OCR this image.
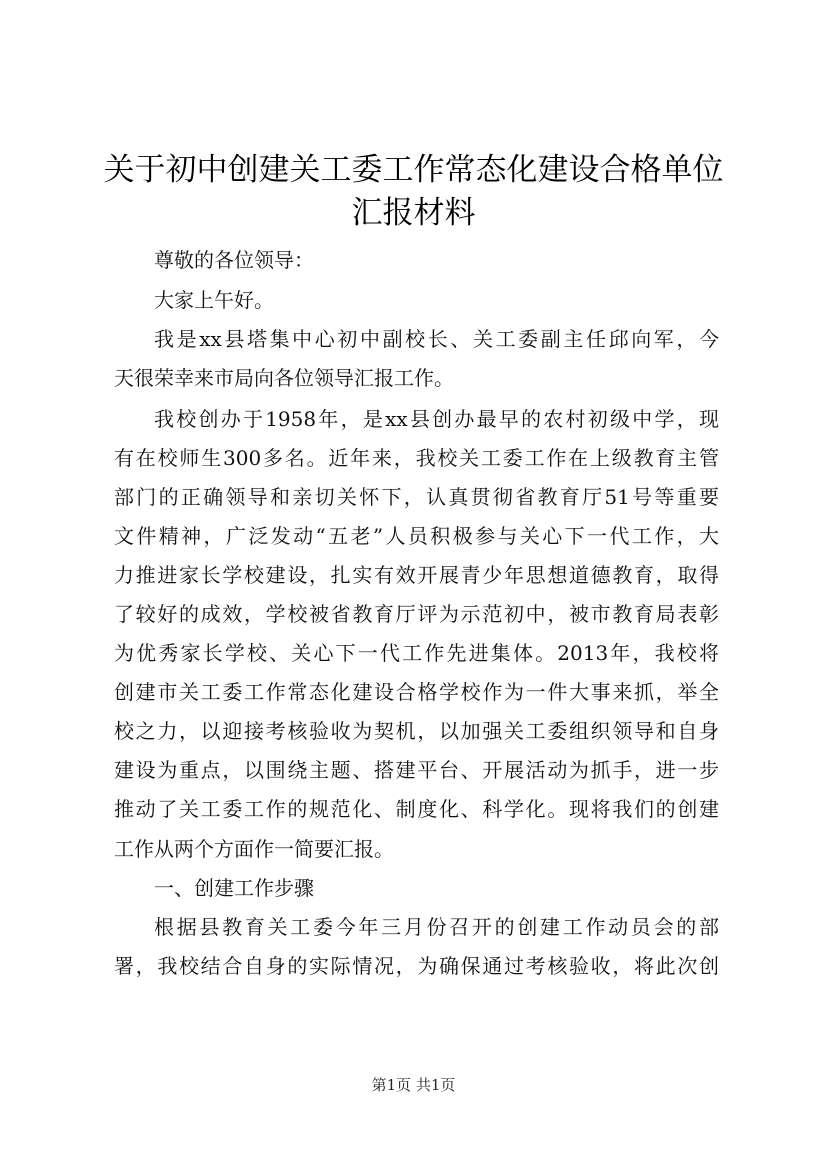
关于初中创建关工委工作常态化建设合格单位
汇报材料
尊敬的各位领导：
大家上午好。
我是xx县塔集中心初中副校长、关工委副主任邱向军，今
天很荣幸来市局向各位领导汇报工作。
我校创办于1958年，是xx县创办最早的农村初级中学，现
有在校师生300多名。近年来，我校关工委工作在上级教育主管
部门的正确领导和亲切关怀下，认真贯彻省教育厅51号等重要
文件精神，广泛发动“五老”人员积极参与关心下一代工作，大
力推进家长学校建设，扎实有效开展青少年思想道德教育，取得
了较好的成效，学校被省教育厅评为示范初中，被市教育局表彰
为优秀家长学校、关心下一代工作先进集体。2013年，我校将
创建市关工委工作常态化建设合格学校作为一件大事来抓，举全
校之力，以迎接考核验收为契机，以加强关工委组织领导和自身
建设为重点，以围绕主题、搭建平台、开展活动为抓手，进一步
推动了关工委工作的规范化、制度化、科学化。现将我们的创建
工作从两个方面作一简要汇报。
一、创建工作步骤
根据县教育关工委今年三月份召开的创建工作动员会的部
署，我校结合自身的实际情况，为确保通过考核验收，将此次创
第1页 共1页
